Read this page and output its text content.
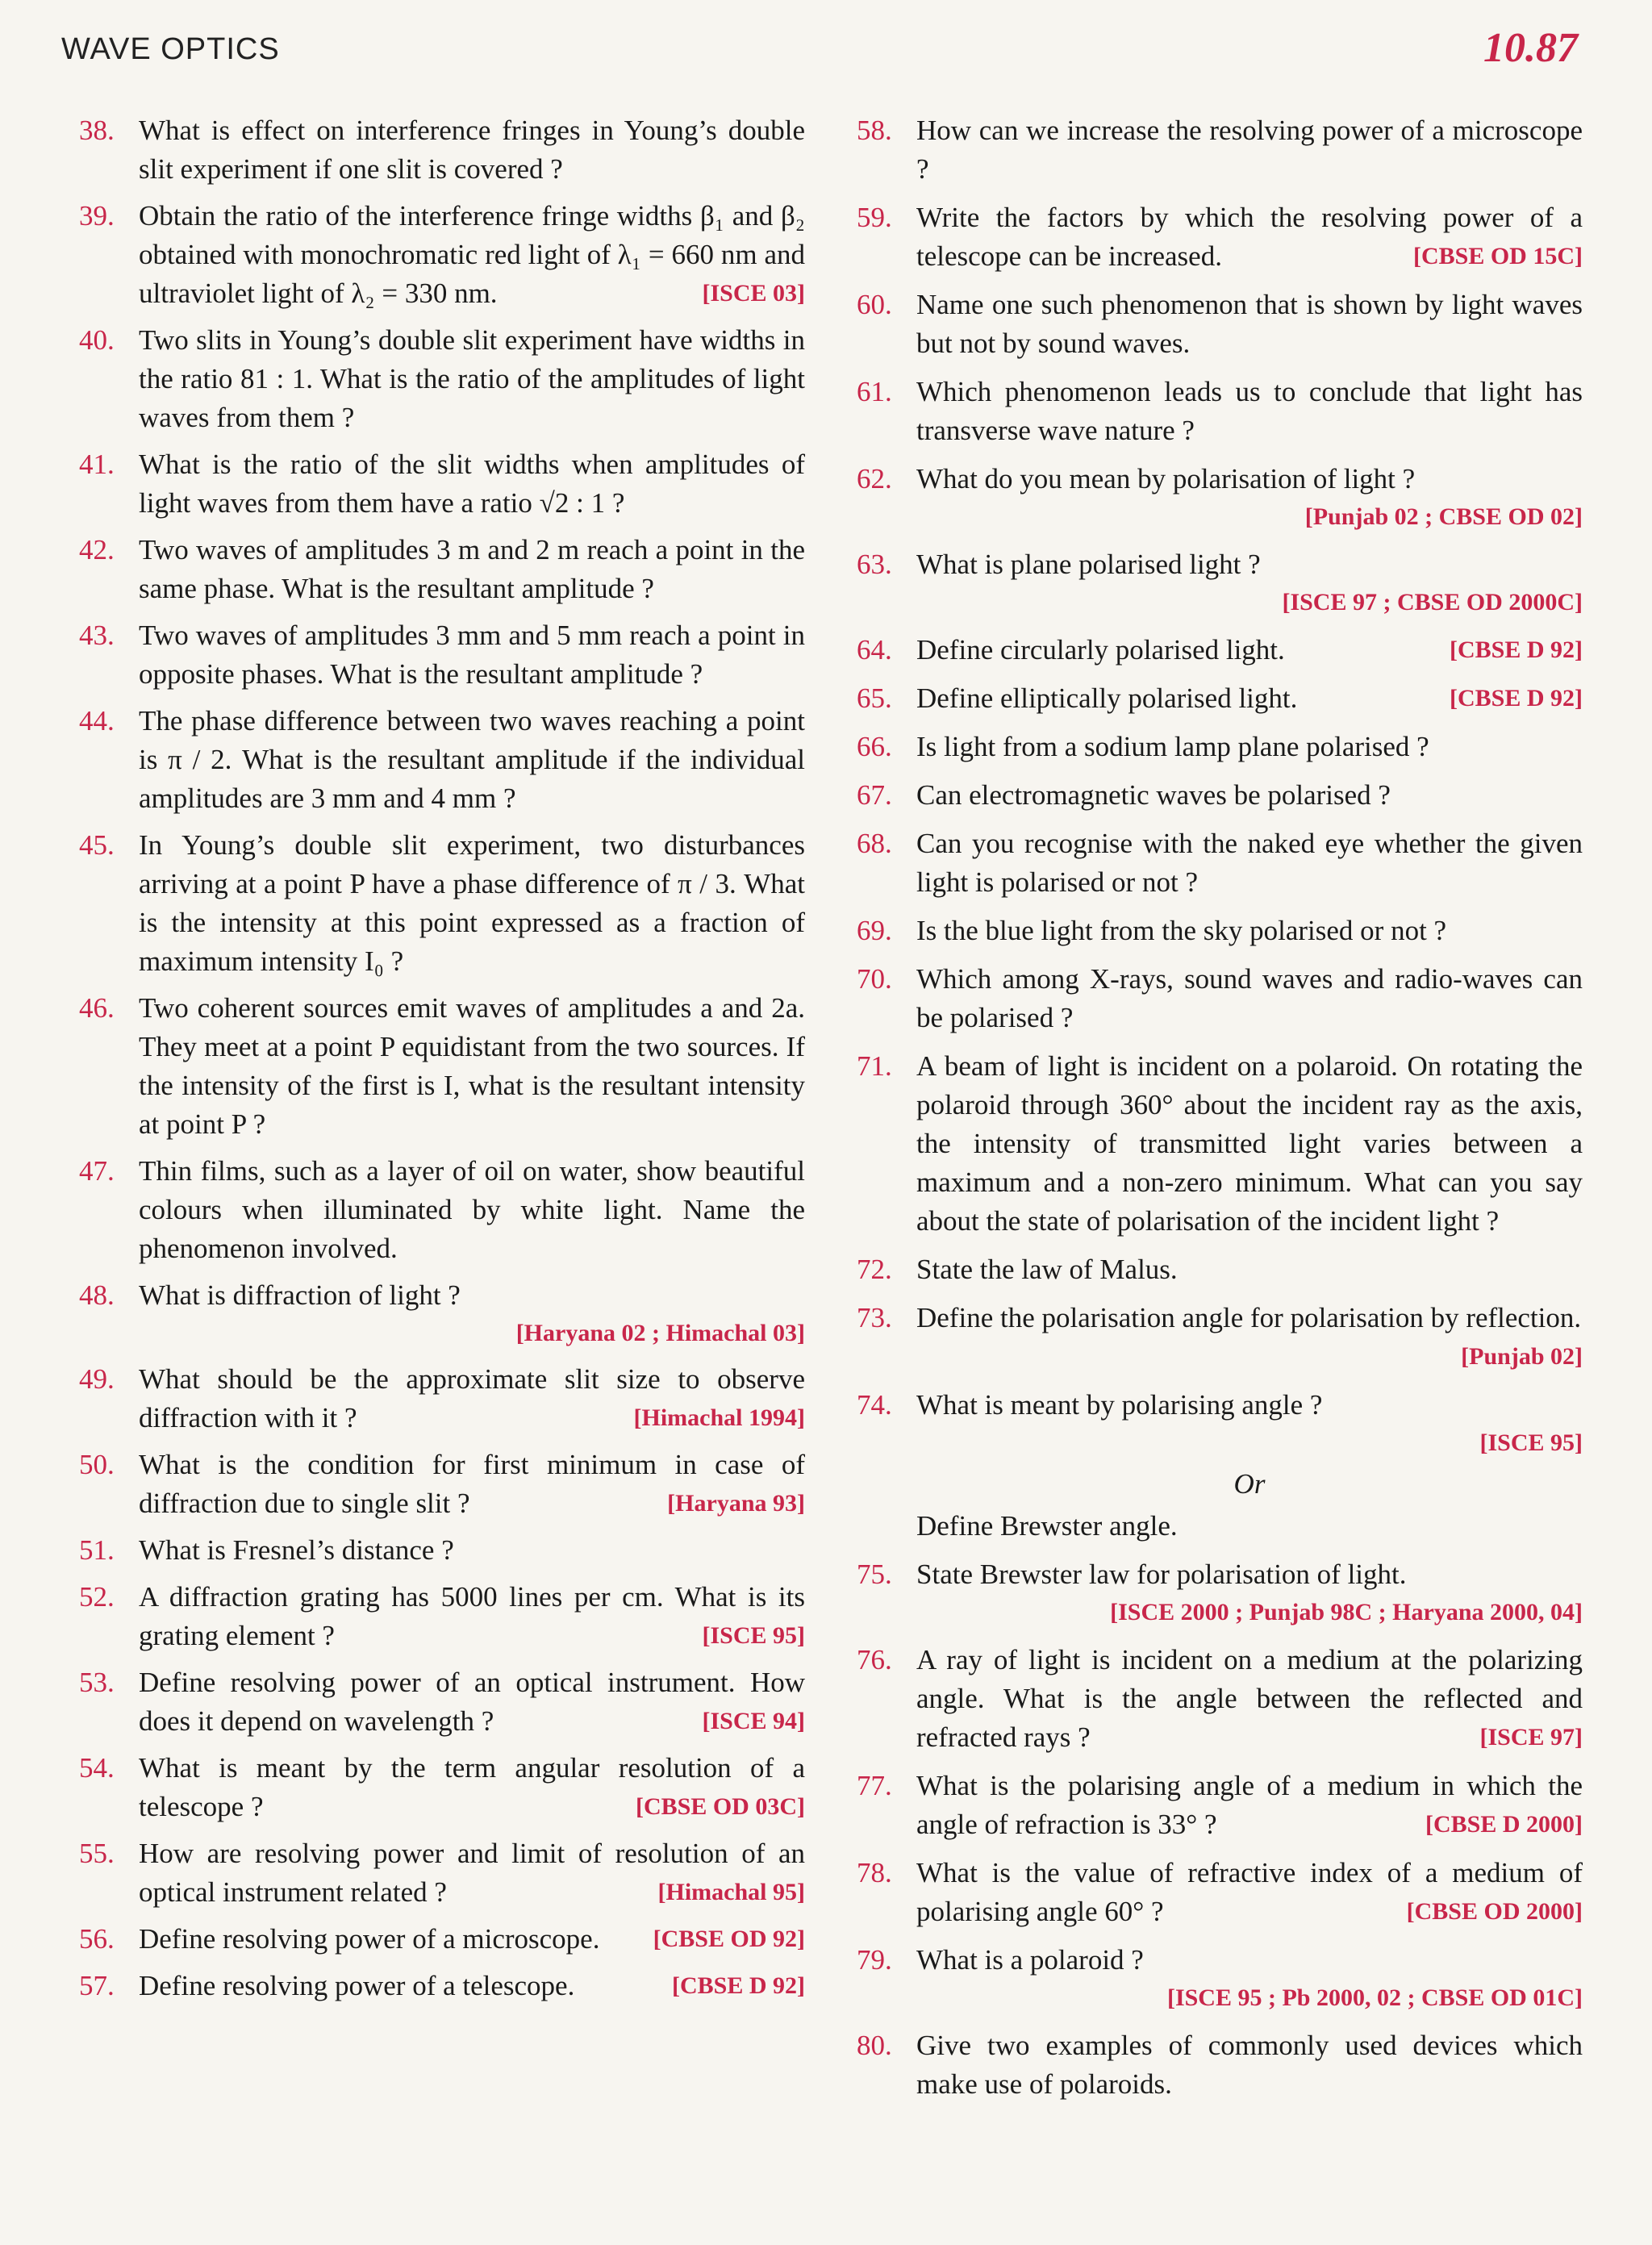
WAVE OPTICS	10.87
38. What is effect on interference fringes in Young’s double slit experiment if one slit is covered ?
39. Obtain the ratio of the interference fringe widths β₁ and β₂ obtained with monochromatic red light of λ₁ = 660 nm and ultraviolet light of λ₂ = 330 nm.	[ISCE 03]
40. Two slits in Young’s double slit experiment have widths in the ratio 81 : 1. What is the ratio of the amplitudes of light waves from them ?
41. What is the ratio of the slit widths when amplitudes of light waves from them have a ratio √2 : 1 ?
42. Two waves of amplitudes 3 m and 2 m reach a point in the same phase. What is the resultant amplitude ?
43. Two waves of amplitudes 3 mm and 5 mm reach a point in opposite phases. What is the resultant amplitude ?
44. The phase difference between two waves reaching a point is π / 2. What is the resultant amplitude if the individual amplitudes are 3 mm and 4 mm ?
45. In Young’s double slit experiment, two disturbances arriving at a point P have a phase difference of π / 3. What is the intensity at this point expressed as a fraction of maximum intensity I₀ ?
46. Two coherent sources emit waves of amplitudes a and 2a. They meet at a point P equidistant from the two sources. If the intensity of the first is I, what is the resultant intensity at point P ?
47. Thin films, such as a layer of oil on water, show beautiful colours when illuminated by white light. Name the phenomenon involved.
48. What is diffraction of light ?
[Haryana 02 ; Himachal 03]
49. What should be the approximate slit size to observe diffraction with it ?	[Himachal 1994]
50. What is the condition for first minimum in case of diffraction due to single slit ?	[Haryana 93]
51. What is Fresnel’s distance ?
52. A diffraction grating has 5000 lines per cm. What is its grating element ?	[ISCE 95]
53. Define resolving power of an optical instrument. How does it depend on wavelength ?	[ISCE 94]
54. What is meant by the term angular resolution of a telescope ?	[CBSE OD 03C]
55. How are resolving power and limit of resolution of an optical instrument related ?	[Himachal 95]
56. Define resolving power of a microscope. [CBSE OD 92]
57. Define resolving power of a telescope.	[CBSE D 92]
58. How can we increase the resolving power of a microscope ?
59. Write the factors by which the resolving power of a telescope can be increased.	[CBSE OD 15C]
60. Name one such phenomenon that is shown by light waves but not by sound waves.
61. Which phenomenon leads us to conclude that light has transverse wave nature ?
62. What do you mean by polarisation of light ?
[Punjab 02 ; CBSE OD 02]
63. What is plane polarised light ?
[ISCE 97 ; CBSE OD 2000C]
64. Define circularly polarised light.	[CBSE D 92]
65. Define elliptically polarised light.	[CBSE D 92]
66. Is light from a sodium lamp plane polarised ?
67. Can electromagnetic waves be polarised ?
68. Can you recognise with the naked eye whether the given light is polarised or not ?
69. Is the blue light from the sky polarised or not ?
70. Which among X-rays, sound waves and radio-waves can be polarised ?
71. A beam of light is incident on a polaroid. On rotating the polaroid through 360° about the incident ray as the axis, the intensity of transmitted light varies between a maximum and a non-zero minimum. What can you say about the state of polarisation of the incident light ?
72. State the law of Malus.
73. Define the polarisation angle for polarisation by reflection.
[Punjab 02]
74. What is meant by polarising angle ?
[ISCE 95]
Or
Define Brewster angle.
75. State Brewster law for polarisation of light.
[ISCE 2000 ; Punjab 98C ; Haryana 2000, 04]
76. A ray of light is incident on a medium at the polarizing angle. What is the angle between the reflected and refracted rays ?	[ISCE 97]
77. What is the polarising angle of a medium in which the angle of refraction is 33° ?	[CBSE D 2000]
78. What is the value of refractive index of a medium of polarising angle 60° ?	[CBSE OD 2000]
79. What is a polaroid ?
[ISCE 95 ; Pb 2000, 02 ; CBSE OD 01C]
80. Give two examples of commonly used devices which make use of polaroids.
